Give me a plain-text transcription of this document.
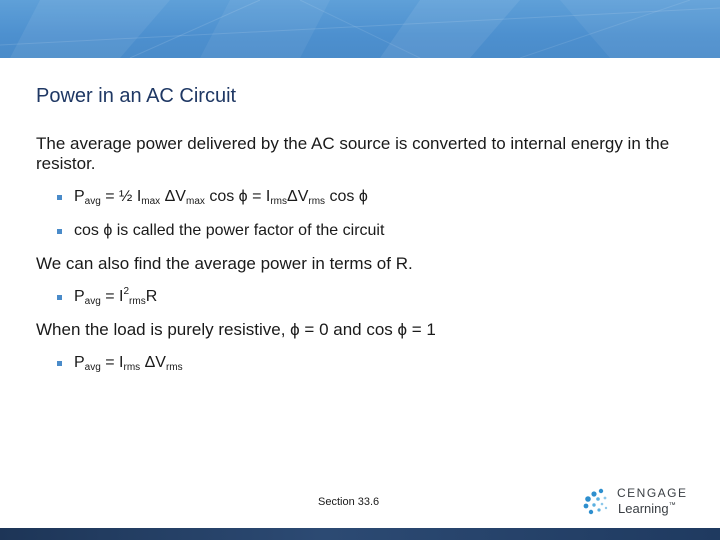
Power in an AC Circuit
The average power delivered by the AC source is converted to internal energy in the resistor.
$P_{avg}$ = ½ $I_{max}$ $\Delta V_{max}$ $\cos \phi = I_{rms}\Delta V_{rms}$ cos ϕ
cos ϕ is called the power factor of the circuit
We can also find the average power in terms of R.
$P_{avg} = I^2_{rms}R$
When the load is purely resistive, ϕ = 0 and cos ϕ = 1
$P_{avg} = I_{rms}$ $\Delta V_{rms}$
Section 33.6
CENGAGE
Learning™
